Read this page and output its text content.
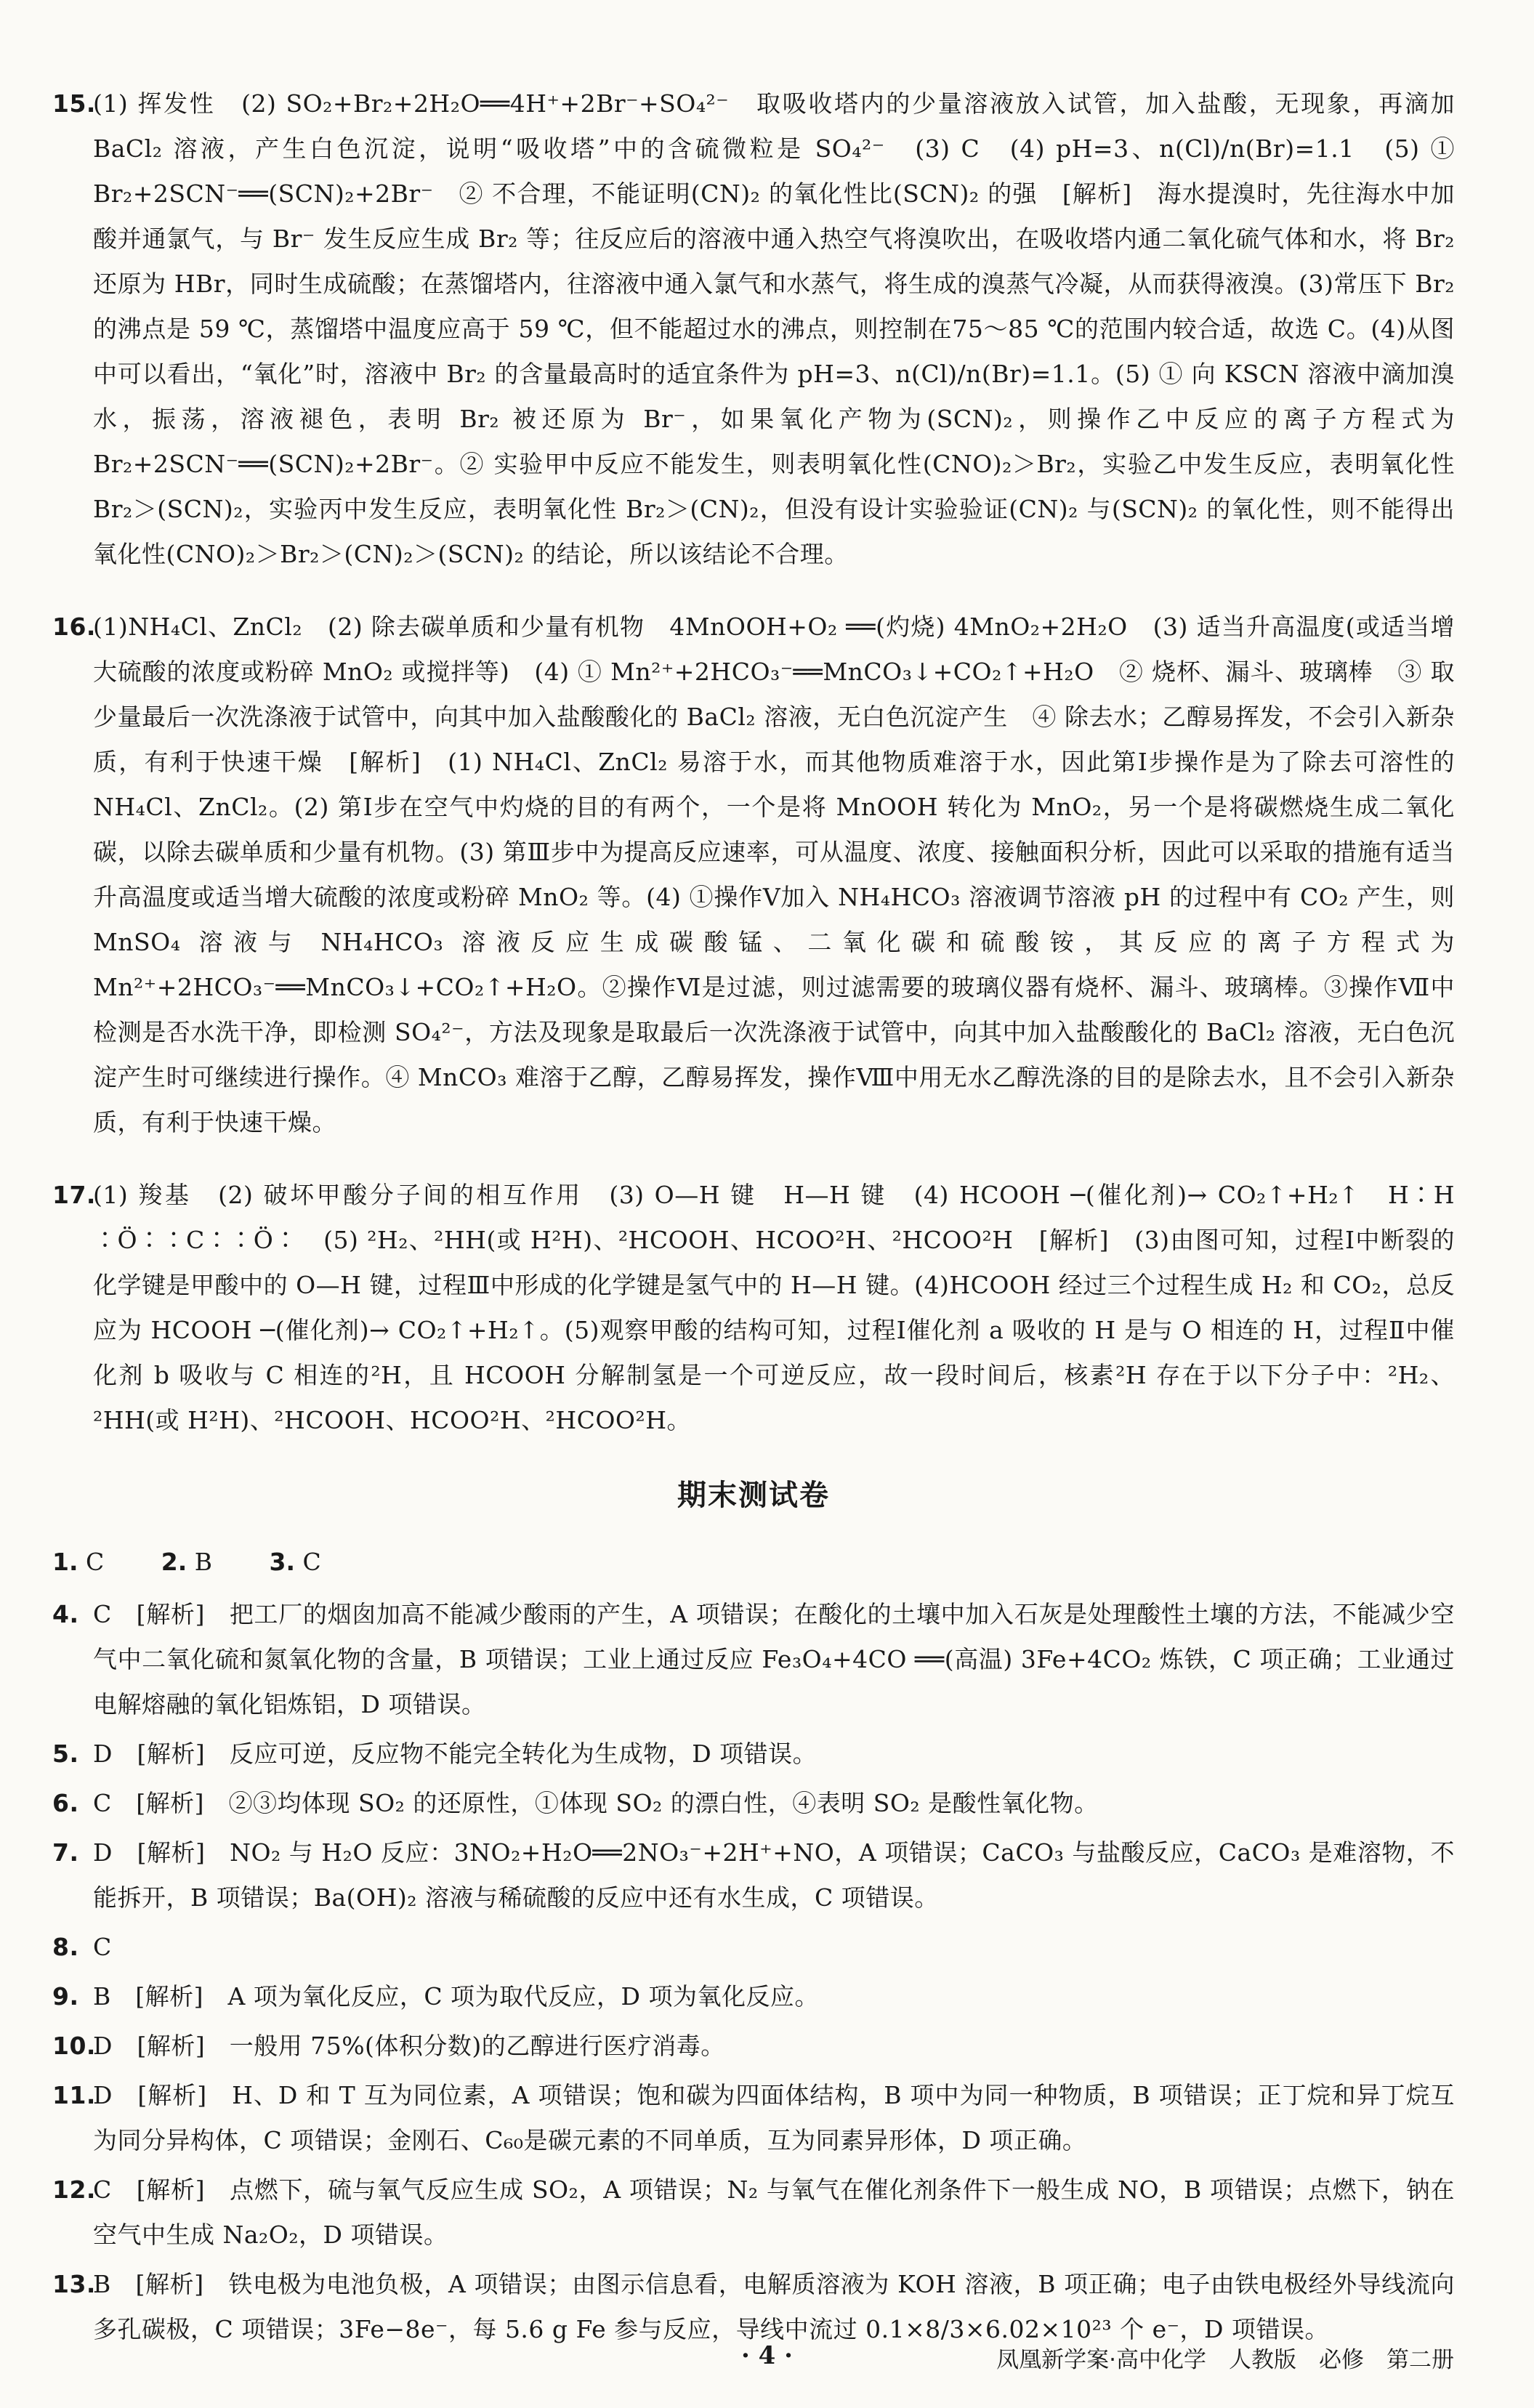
15.

(1) 挥发性　(2) SO₂+Br₂+2H₂O══4H⁺+2Br⁻+SO₄²⁻　取吸收塔内的少量溶液放入试管，加入盐酸，无现象，再滴加 BaCl₂ 溶液，产生白色沉淀，说明“吸收塔”中的含硫微粒是 SO₄²⁻　(3) C　(4) pH=3、n(Cl)/n(Br)=1.1　(5) ① Br₂+2SCN⁻══(SCN)₂+2Br⁻　② 不合理，不能证明(CN)₂ 的氧化性比(SCN)₂ 的强　[解析]　海水提溴时，先往海水中加酸并通氯气，与 Br⁻ 发生反应生成 Br₂ 等；往反应后的溶液中通入热空气将溴吹出，在吸收塔内通二氧化硫气体和水，将 Br₂ 还原为 HBr，同时生成硫酸；在蒸馏塔内，往溶液中通入氯气和水蒸气，将生成的溴蒸气冷凝，从而获得液溴。(3)常压下 Br₂ 的沸点是 59 ℃，蒸馏塔中温度应高于 59 ℃，但不能超过水的沸点，则控制在75～85 ℃的范围内较合适，故选 C。(4)从图中可以看出，“氧化”时，溶液中 Br₂ 的含量最高时的适宜条件为 pH=3、n(Cl)/n(Br)=1.1。(5) ① 向 KSCN 溶液中滴加溴水，振荡，溶液褪色，表明 Br₂ 被还原为 Br⁻，如果氧化产物为(SCN)₂，则操作乙中反应的离子方程式为 Br₂+2SCN⁻══(SCN)₂+2Br⁻。② 实验甲中反应不能发生，则表明氧化性(CNO)₂＞Br₂，实验乙中发生反应，表明氧化性 Br₂＞(SCN)₂，实验丙中发生反应，表明氧化性 Br₂＞(CN)₂，但没有设计实验验证(CN)₂ 与(SCN)₂ 的氧化性，则不能得出氧化性(CNO)₂＞Br₂＞(CN)₂＞(SCN)₂ 的结论，所以该结论不合理。

16.

(1)NH₄Cl、ZnCl₂　(2) 除去碳单质和少量有机物　4MnOOH+O₂ ══(灼烧) 4MnO₂+2H₂O　(3) 适当升高温度(或适当增大硫酸的浓度或粉碎 MnO₂ 或搅拌等)　(4) ① Mn²⁺+2HCO₃⁻══MnCO₃↓+CO₂↑+H₂O　② 烧杯、漏斗、玻璃棒　③ 取少量最后一次洗涤液于试管中，向其中加入盐酸酸化的 BaCl₂ 溶液，无白色沉淀产生　④ 除去水；乙醇易挥发，不会引入新杂质，有利于快速干燥　[解析]　(1) NH₄Cl、ZnCl₂ 易溶于水，而其他物质难溶于水，因此第Ⅰ步操作是为了除去可溶性的 NH₄Cl、ZnCl₂。(2) 第Ⅰ步在空气中灼烧的目的有两个，一个是将 MnOOH 转化为 MnO₂，另一个是将碳燃烧生成二氧化碳，以除去碳单质和少量有机物。(3) 第Ⅲ步中为提高反应速率，可从温度、浓度、接触面积分析，因此可以采取的措施有适当升高温度或适当增大硫酸的浓度或粉碎 MnO₂ 等。(4) ①操作Ⅴ加入 NH₄HCO₃ 溶液调节溶液 pH 的过程中有 CO₂ 产生，则 MnSO₄ 溶液与 NH₄HCO₃ 溶液反应生成碳酸锰、二氧化碳和硫酸铵，其反应的离子方程式为 Mn²⁺+2HCO₃⁻══MnCO₃↓+CO₂↑+H₂O。②操作Ⅵ是过滤，则过滤需要的玻璃仪器有烧杯、漏斗、玻璃棒。③操作Ⅶ中检测是否水洗干净，即检测 SO₄²⁻，方法及现象是取最后一次洗涤液于试管中，向其中加入盐酸酸化的 BaCl₂ 溶液，无白色沉淀产生时可继续进行操作。④ MnCO₃ 难溶于乙醇，乙醇易挥发，操作Ⅷ中用无水乙醇洗涤的目的是除去水，且不会引入新杂质，有利于快速干燥。

17.

(1) 羧基　(2) 破坏甲酸分子间的相互作用　(3) O—H 键　H—H 键　(4) HCOOH ─(催化剂)→ CO₂↑+H₂↑　H∶H　∶Ö∶∶C∶∶Ö∶　(5) ²H₂、²HH(或 H²H)、²HCOOH、HCOO²H、²HCOO²H　[解析]　(3)由图可知，过程Ⅰ中断裂的化学键是甲酸中的 O—H 键，过程Ⅲ中形成的化学键是氢气中的 H—H 键。(4)HCOOH 经过三个过程生成 H₂ 和 CO₂，总反应为 HCOOH ─(催化剂)→ CO₂↑+H₂↑。(5)观察甲酸的结构可知，过程Ⅰ催化剂 a 吸收的 H 是与 O 相连的 H，过程Ⅱ中催化剂 b 吸收与 C 相连的²H，且 HCOOH 分解制氢是一个可逆反应，故一段时间后，核素²H 存在于以下分子中：²H₂、²HH(或 H²H)、²HCOOH、HCOO²H、²HCOO²H。

期末测试卷
1. C 2. B 3. C
4. C　[解析]　把工厂的烟囱加高不能减少酸雨的产生，A 项错误；在酸化的土壤中加入石灰是处理酸性土壤的方法，不能减少空气中二氧化硫和氮氧化物的含量，B 项错误；工业上通过反应 Fe₃O₄+4CO ══(高温) 3Fe+4CO₂ 炼铁，C 项正确；工业通过电解熔融的氧化铝炼铝，D 项错误。

5. D　[解析]　反应可逆，反应物不能完全转化为生成物，D 项错误。

6. C　[解析]　②③均体现 SO₂ 的还原性，①体现 SO₂ 的漂白性，④表明 SO₂ 是酸性氧化物。

7. D　[解析]　NO₂ 与 H₂O 反应：3NO₂+H₂O══2NO₃⁻+2H⁺+NO，A 项错误；CaCO₃ 与盐酸反应，CaCO₃ 是难溶物，不能拆开，B 项错误；Ba(OH)₂ 溶液与稀硫酸的反应中还有水生成，C 项错误。

8. C

9. B　[解析]　A 项为氧化反应，C 项为取代反应，D 项为氧化反应。

10.

D　[解析]　一般用 75%(体积分数)的乙醇进行医疗消毒。

11.

D　[解析]　H、D 和 T 互为同位素，A 项错误；饱和碳为四面体结构，B 项中为同一种物质，B 项错误；正丁烷和异丁烷互为同分异构体，C 项错误；金刚石、C₆₀是碳元素的不同单质，互为同素异形体，D 项正确。

12.

C　[解析]　点燃下，硫与氧气反应生成 SO₂，A 项错误；N₂ 与氧气在催化剂条件下一般生成 NO，B 项错误；点燃下，钠在空气中生成 Na₂O₂，D 项错误。

13.

B　[解析]　铁电极为电池负极，A 项错误；由图示信息看，电解质溶液为 KOH 溶液，B 项正确；电子由铁电极经外导线流向多孔碳极，C 项错误；3Fe−8e⁻，每 5.6 g Fe 参与反应，导线中流过 0.1×8/3×6.02×10²³ 个 e⁻，D 项错误。

· 4 ·	凤凰新学案·高中化学　人教版　必修　第二册
